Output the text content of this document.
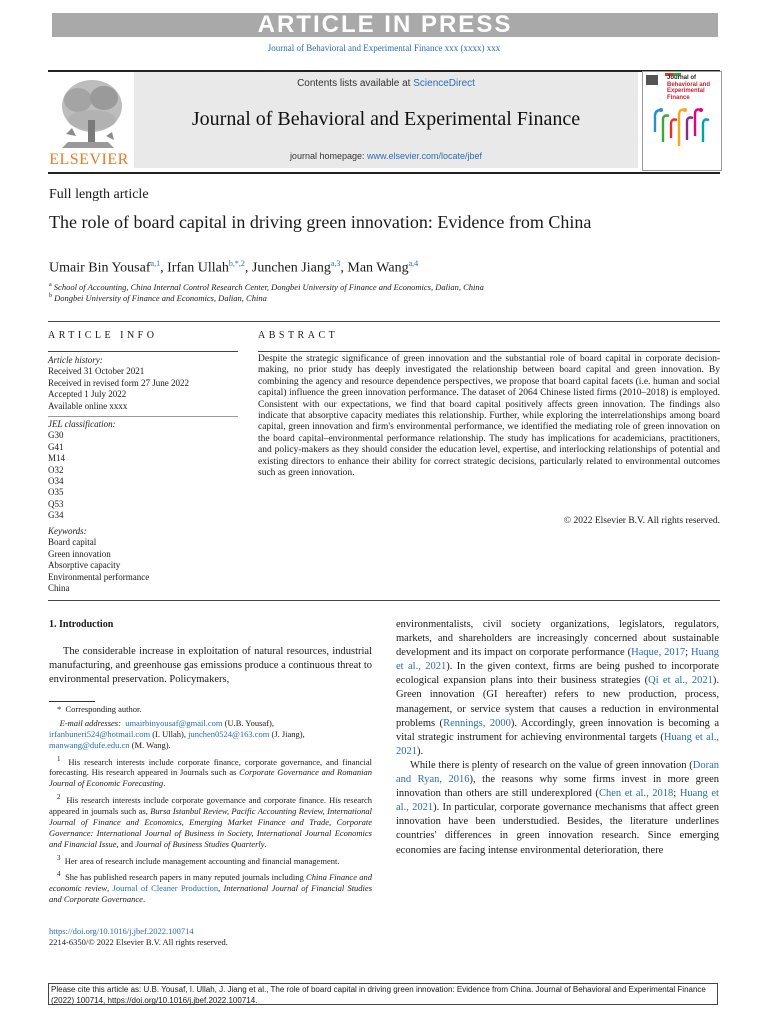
ARTICLE IN PRESS
Journal of Behavioral and Experimental Finance xxx (xxxx) xxx
ELSEVIER
Contents lists available at ScienceDirect
Journal of Behavioral and Experimental Finance
journal homepage: www.elsevier.com/locate/jbef
Journal of
Behavioral and
Experimental Finance
Full length article
The role of board capital in driving green innovation: Evidence from China
Umair Bin Yousaf$^{a,1}$, Irfan Ullah$^{b,*,2}$, Junchen Jiang$^{a,3}$, Man Wang$^{a,4}$
$^a$ School of Accounting, China Internal Control Research Center, Dongbei University of Finance and Economics, Dalian, China
$^b$ Dongbei University of Finance and Economics, Dalian, China
ARTICLE INFO	ABSTRACT
Article history:
Received 31 October 2021
Received in revised form 27 June 2022
Accepted 1 July 2022
Available online xxxx
JEL classification:
G30
G41
M14
O32
O34
O35
Q53
G34
Keywords:
Board capital
Green innovation
Absorptive capacity
Environmental performance
China
Despite the strategic significance of green innovation and the substantial role of board capital in corporate decision-making, no prior study has deeply investigated the relationship between board capital and green innovation. By combining the agency and resource dependence perspectives, we propose that board capital facets (i.e. human and social capital) influence the green innovation performance. The dataset of 2064 Chinese listed firms (2010–2018) is employed. Consistent with our expectations, we find that board capital positively affects green innovation. The findings also indicate that absorptive capacity mediates this relationship. Further, while exploring the interrelationships among board capital, green innovation and firm's environmental performance, we identified the mediating role of green innovation on the board capital–environmental performance relationship. The study has implications for academicians, practitioners, and policy-makers as they should consider the education level, expertise, and interlocking relationships of potential and existing directors to enhance their ability for correct strategic decisions, particularly related to environmental outcomes such as green innovation.
© 2022 Elsevier B.V. All rights reserved.
1. Introduction
The considerable increase in exploitation of natural resources, industrial manufacturing, and greenhouse gas emissions produce a continuous threat to environmental preservation. Policymakers,

* Corresponding author.

E-mail addresses: umairbinyousaf@gmail.com (U.B. Yousaf),
irfanbuneri524@hotmail.com (I. Ullah), junchen0524@163.com (J. Jiang),
manwang@dufe.edu.cn (M. Wang).

$^1$ His research interests include corporate finance, corporate governance, and financial forecasting. His research appeared in Journals such as Corporate Governance and Romanian Journal of Economic Forecasting.

$^2$ His research interests include corporate governance and corporate finance. His research appeared in journals such as, Bursa Istanbul Review, Pacific Accounting Review, International Journal of Finance and Economics, Emerging Market Finance and Trade, Corporate Governance: International Journal of Business in Society, International Journal Economics and Financial Issue, and Journal of Business Studies Quarterly.

$^3$ Her area of research include management accounting and financial management.

$^4$ She has published research papers in many reputed journals including China Finance and economic review, Journal of Cleaner Production, International Journal of Financial Studies and Corporate Governance.

https://doi.org/10.1016/j.jbef.2022.100714
2214-6350/© 2022 Elsevier B.V. All rights reserved.

environmentalists, civil society organizations, legislators, regulators, markets, and shareholders are increasingly concerned about sustainable development and its impact on corporate performance (Haque, 2017; Huang et al., 2021). In the given context, firms are being pushed to incorporate ecological expansion plans into their business strategies (Qi et al., 2021). Green innovation (GI hereafter) refers to new production, process, management, or service system that causes a reduction in environmental problems (Rennings, 2000). Accordingly, green innovation is becoming a vital strategic instrument for achieving environmental targets (Huang et al., 2021).

While there is plenty of research on the value of green innovation (Doran and Ryan, 2016), the reasons why some firms invest in more green innovation than others are still underexplored (Chen et al., 2018; Huang et al., 2021). In particular, corporate governance mechanisms that affect green innovation have been understudied. Besides, the literature underlines countries' differences in green innovation research. Since emerging economies are facing intense environmental deterioration, there

Please cite this article as: U.B. Yousaf, I. Ullah, J. Jiang et al., The role of board capital in driving green innovation: Evidence from China. Journal of Behavioral and Experimental Finance (2022) 100714, https://doi.org/10.1016/j.jbef.2022.100714.
